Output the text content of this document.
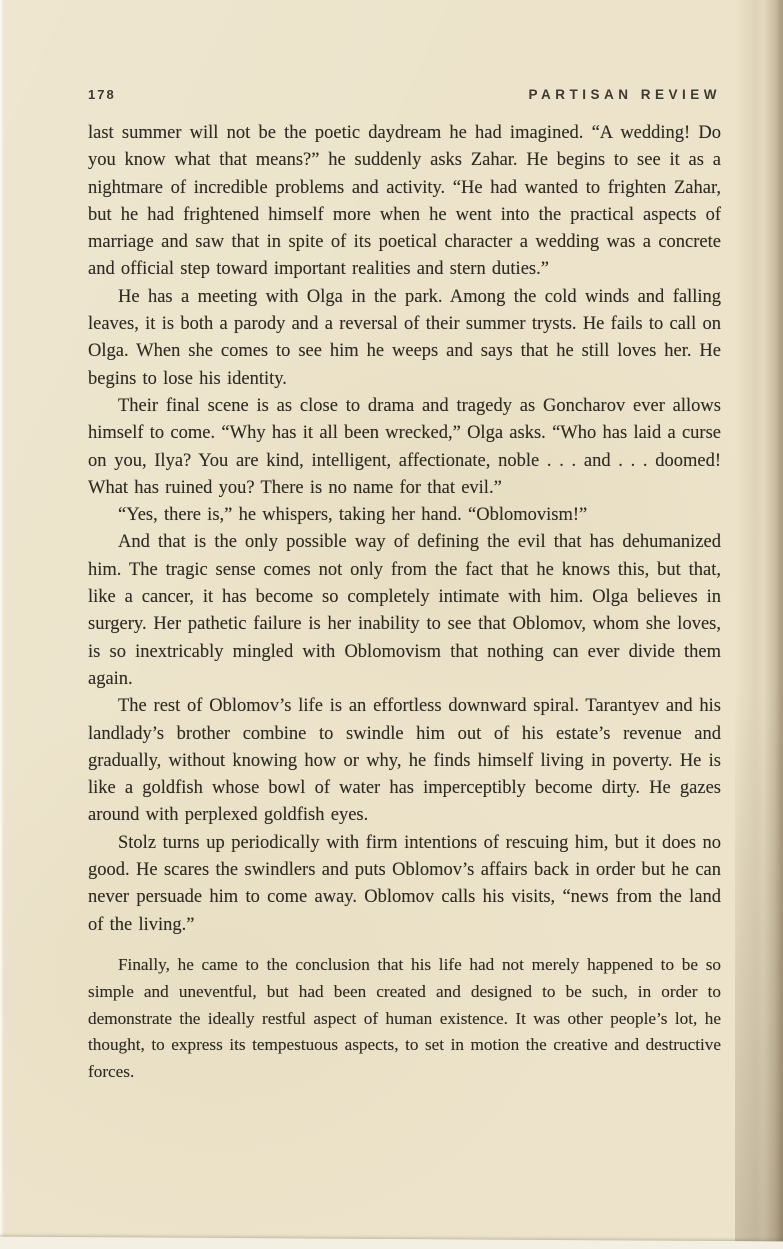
178	PARTISAN REVIEW

last summer will not be the poetic daydream he had imagined. “A wedding! Do you know what that means?” he suddenly asks Zahar. He begins to see it as a nightmare of incredible problems and activity. “He had wanted to frighten Zahar, but he had frightened himself more when he went into the practical aspects of marriage and saw that in spite of its poetical character a wedding was a concrete and official step toward important realities and stern duties.”

He has a meeting with Olga in the park. Among the cold winds and falling leaves, it is both a parody and a reversal of their summer trysts. He fails to call on Olga. When she comes to see him he weeps and says that he still loves her. He begins to lose his identity.

Their final scene is as close to drama and tragedy as Goncharov ever allows himself to come. “Why has it all been wrecked,” Olga asks. “Who has laid a curse on you, Ilya? You are kind, intelligent, affectionate, noble . . . and . . . doomed! What has ruined you? There is no name for that evil.”

“Yes, there is,” he whispers, taking her hand. “Oblomovism!”

And that is the only possible way of defining the evil that has dehumanized him. The tragic sense comes not only from the fact that he knows this, but that, like a cancer, it has become so completely intimate with him. Olga believes in surgery. Her pathetic failure is her inability to see that Oblomov, whom she loves, is so inextricably mingled with Oblomovism that nothing can ever divide them again.

The rest of Oblomov’s life is an effortless downward spiral. Tarantyev and his landlady’s brother combine to swindle him out of his estate’s revenue and gradually, without knowing how or why, he finds himself living in poverty. He is like a goldfish whose bowl of water has imperceptibly become dirty. He gazes around with perplexed goldfish eyes.

Stolz turns up periodically with firm intentions of rescuing him, but it does no good. He scares the swindlers and puts Oblomov’s affairs back in order but he can never persuade him to come away. Oblomov calls his visits, “news from the land of the living.”

Finally, he came to the conclusion that his life had not merely happened to be so simple and uneventful, but had been created and designed to be such, in order to demonstrate the ideally restful aspect of human existence. It was other people’s lot, he thought, to express its tempestuous aspects, to set in motion the creative and destructive forces.
